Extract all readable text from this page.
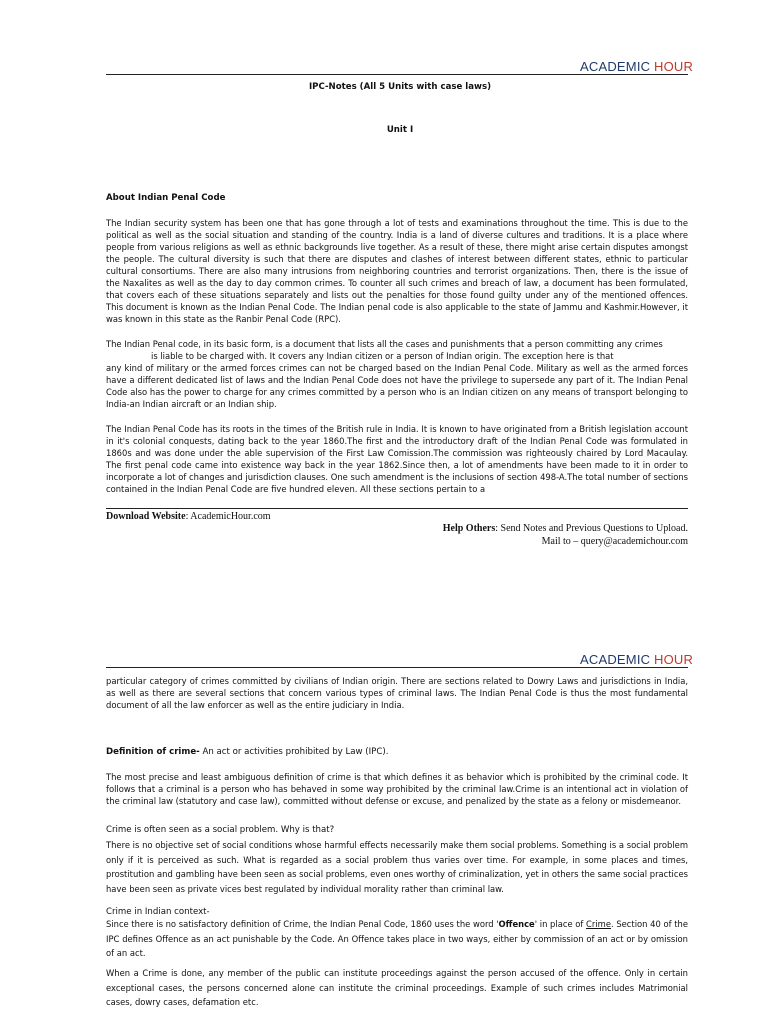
ACADEMIC HOUR
IPC-Notes (All 5 Units with case laws)
Unit I

About Indian Penal Code

The Indian security system has been one that has gone through a lot of tests and examinations throughout the time. This is due to the political as well as the social situation and standing of the country. India is a land of diverse cultures and traditions. It is a place where people from various religions as well as ethnic backgrounds live together. As a result of these, there might arise certain disputes amongst the people. The cultural diversity is such that there are disputes and clashes of interest between different states, ethnic to particular cultural consortiums. There are also many intrusions from neighboring countries and terrorist organizations. Then, there is the issue of the Naxalites as well as the day to day common crimes. To counter all such crimes and breach of law, a document has been formulated, that covers each of these situations separately and lists out the penalties for those found guilty under any of the mentioned offences. This document is known as the Indian Penal Code. The Indian penal code is also applicable to the state of Jammu and Kashmir.However, it was known in this state as the Ranbir Penal Code (RPC).

The Indian Penal code, in its basic form, is a document that lists all the cases and punishments that a person committing any crimes
is liable to be charged with. It covers any Indian citizen or a person of Indian origin. The exception here is that
any kind of military or the armed forces crimes can not be charged based on the Indian Penal Code. Military as well as the armed forces have a different dedicated list of laws and the Indian Penal Code does not have the privilege to supersede any part of it. The Indian Penal Code also has the power to charge for any crimes committed by a person who is an Indian citizen on any means of transport belonging to India-an Indian aircraft or an Indian ship.

The Indian Penal Code has its roots in the times of the British rule in India. It is known to have originated from a British legislation account in it's colonial conquests, dating back to the year 1860.The first and the introductory draft of the Indian Penal Code was formulated in 1860s and was done under the able supervision of the First Law Comission.The commission was righteously chaired by Lord Macaulay. The first penal code came into existence way back in the year 1862.Since then, a lot of amendments have been made to it in order to incorporate a lot of changes and jurisdiction clauses. One such amendment is the inclusions of section 498-A.The total number of sections contained in the Indian Penal Code are five hundred eleven. All these sections pertain to a

Download Website: AcademicHour.com
Help Others: Send Notes and Previous Questions to Upload.
Mail to – query@academichour.com
ACADEMIC HOUR

particular category of crimes committed by civilians of Indian origin. There are sections related to Dowry Laws and jurisdictions in India, as well as there are several sections that concern various types of criminal laws. The Indian Penal Code is thus the most fundamental document of all the law enforcer as well as the entire judiciary in India.

Definition of crime- An act or activities prohibited by Law (IPC).

The most precise and least ambiguous definition of crime is that which defines it as behavior which is prohibited by the criminal code. It follows that a criminal is a person who has behaved in some way prohibited by the criminal law.Crime is an intentional act in violation of the criminal law (statutory and case law), committed without defense or excuse, and penalized by the state as a felony or misdemeanor.

Crime is often seen as a social problem. Why is that?

There is no objective set of social conditions whose harmful effects necessarily make them social problems. Something is a social problem only if it is perceived as such. What is regarded as a social problem thus varies over time. For example, in some places and times, prostitution and gambling have been seen as social problems, even ones worthy of criminalization, yet in others the same social practices have been seen as private vices best regulated by individual morality rather than criminal law.

Crime in Indian context-

Since there is no satisfactory definition of Crime, the Indian Penal Code, 1860 uses the word 'Offence' in place of Crime. Section 40 of the IPC defines Offence as an act punishable by the Code. An Offence takes place in two ways, either by commission of an act or by omission of an act.

When a Crime is done, any member of the public can institute proceedings against the person accused of the offence. Only in certain exceptional cases, the persons concerned alone can institute the criminal proceedings. Example of such crimes includes Matrimonial cases, dowry cases, defamation etc.
